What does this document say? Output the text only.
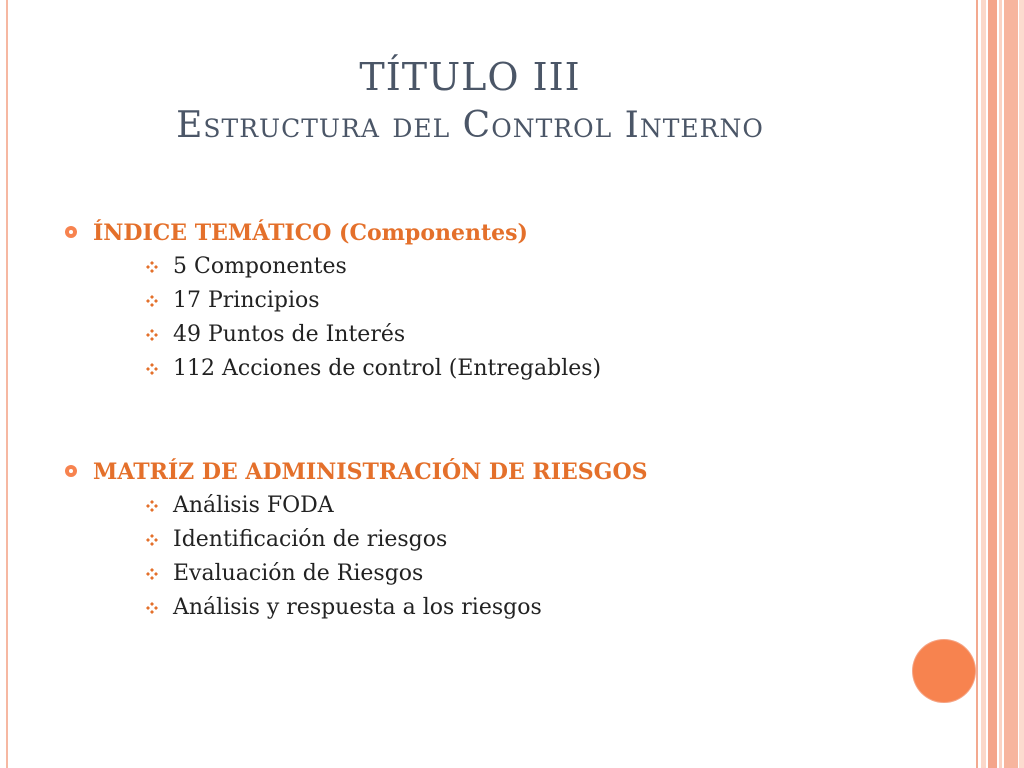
TÍTULO III
Estructura del Control Interno
ÍNDICE TEMÁTICO (Componentes)
5 Componentes
17 Principios
49 Puntos de Interés
112 Acciones de control (Entregables)
MATRÍZ DE ADMINISTRACIÓN DE RIESGOS
Análisis FODA
Identificación de riesgos
Evaluación de Riesgos
Análisis y respuesta a los riesgos
